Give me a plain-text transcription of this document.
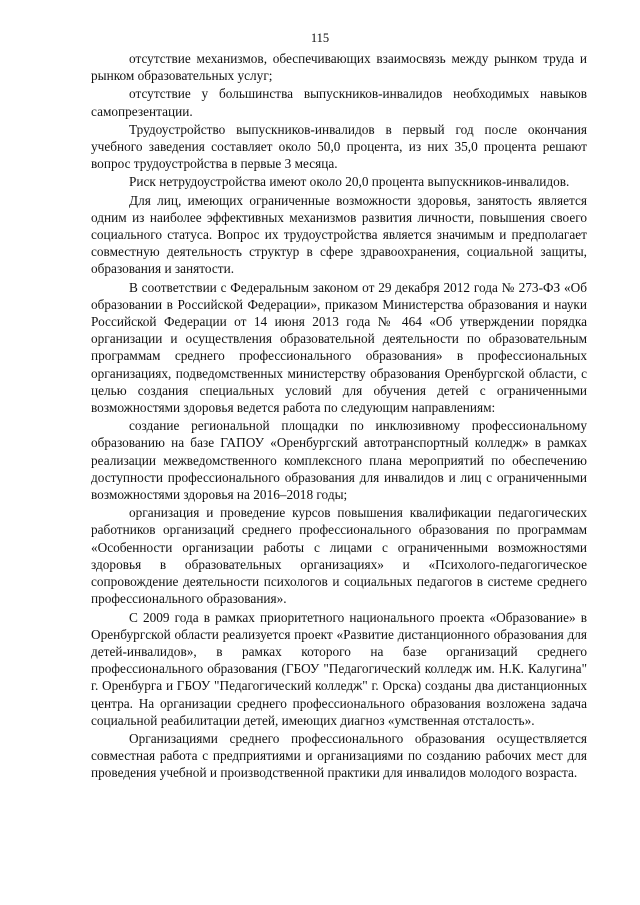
115

отсутствие механизмов, обеспечивающих взаимосвязь между рынком труда и рынком образовательных услуг;

отсутствие у большинства выпускников-инвалидов необходимых навыков самопрезентации.

Трудоустройство выпускников-инвалидов в первый год после окончания учебного заведения составляет около 50,0 процента, из них 35,0 процента решают вопрос трудоустройства в первые 3 месяца.

Риск нетрудоустройства имеют около 20,0 процента выпускников-инвалидов.

Для лиц, имеющих ограниченные возможности здоровья, занятость является одним из наиболее эффективных механизмов развития личности, повышения своего социального статуса. Вопрос их трудоустройства является значимым и предполагает совместную деятельность структур в сфере здравоохранения, социальной защиты, образования и занятости.

В соответствии с Федеральным законом от 29 декабря 2012 года № 273-ФЗ «Об образовании в Российской Федерации», приказом Министерства образования и науки Российской Федерации от 14 июня 2013 года № 464 «Об утверждении порядка организации и осуществления образовательной деятельности по образовательным программам среднего профессионального образования» в профессиональных организациях, подведомственных министерству образования Оренбургской области, с целью создания специальных условий для обучения детей с ограниченными возможностями здоровья ведется работа по следующим направлениям:

создание региональной площадки по инклюзивному профессиональному образованию на базе ГАПОУ «Оренбургский автотранспортный колледж» в рамках реализации межведомственного комплексного плана мероприятий по обеспечению доступности профессионального образования для инвалидов и лиц с ограниченными возможностями здоровья на 2016–2018 годы;

организация и проведение курсов повышения квалификации педагогических работников организаций среднего профессионального образования по программам «Особенности организации работы с лицами с ограниченными возможностями здоровья в образовательных организациях» и «Психолого-педагогическое сопровождение деятельности психологов и социальных педагогов в системе среднего профессионального образования».

С 2009 года в рамках приоритетного национального проекта «Образование» в Оренбургской области реализуется проект «Развитие дистанционного образования для детей-инвалидов», в рамках которого на базе организаций среднего профессионального образования (ГБОУ "Педагогический колледж им. Н.К. Калугина" г. Оренбурга и ГБОУ "Педагогический колледж" г. Орска) созданы два дистанционных центра. На организации среднего профессионального образования возложена задача социальной реабилитации детей, имеющих диагноз «умственная отсталость».

Организациями среднего профессионального образования осуществляется совместная работа с предприятиями и организациями по созданию рабочих мест для проведения учебной и производственной практики для инвалидов молодого возраста.
